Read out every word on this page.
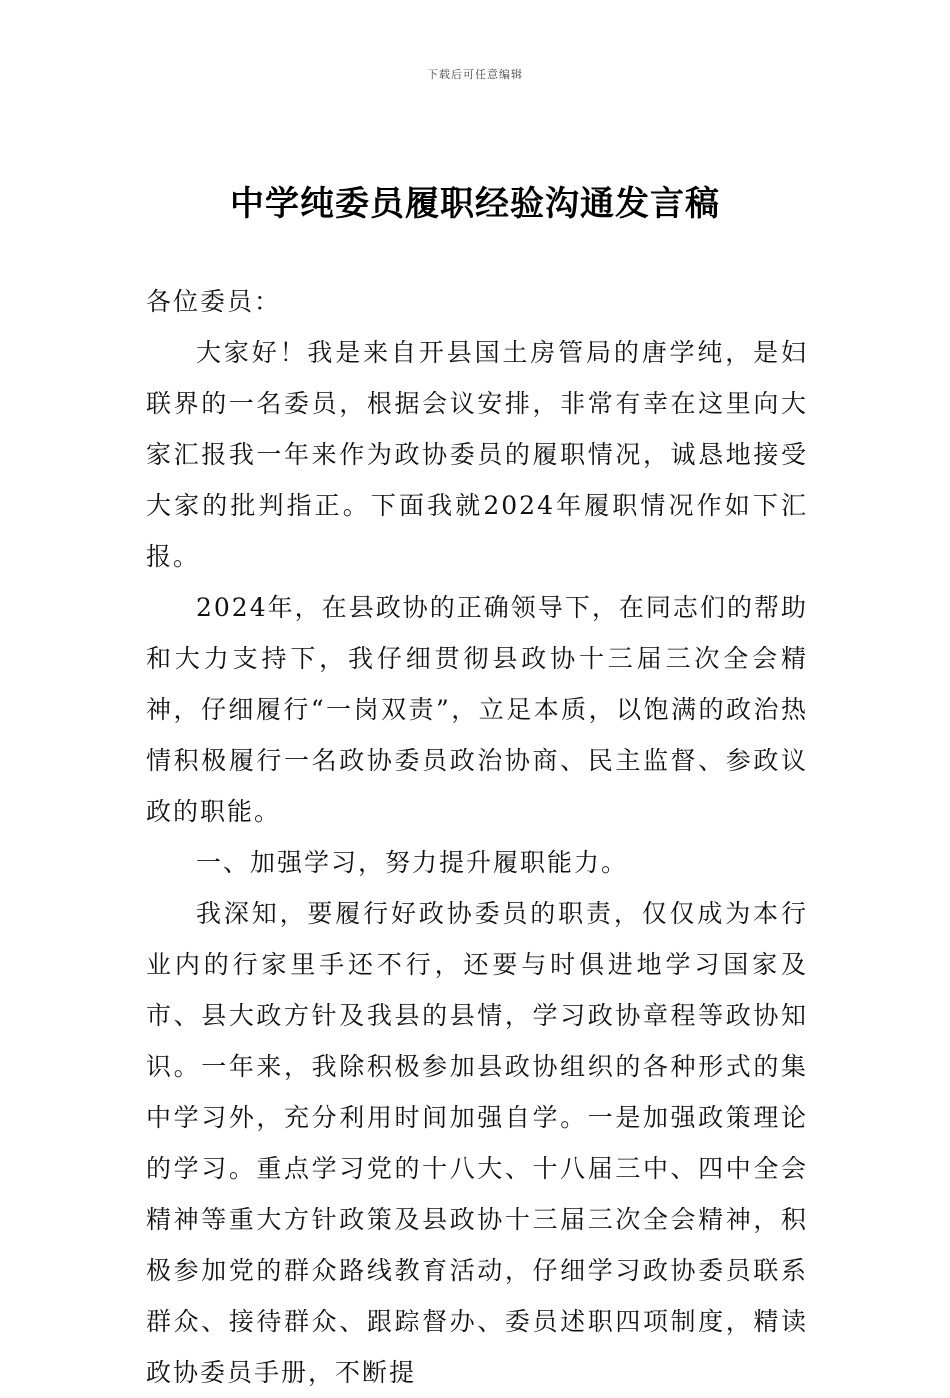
下载后可任意编辑
中学纯委员履职经验沟通发言稿

各位委员：

大家好！我是来自开县国土房管局的唐学纯，是妇联界的一名委员，根据会议安排，非常有幸在这里向大家汇报我一年来作为政协委员的履职情况，诚恳地接受大家的批判指正。下面我就2024年履职情况作如下汇报。

2024年，在县政协的正确领导下，在同志们的帮助和大力支持下，我仔细贯彻县政协十三届三次全会精神，仔细履行“一岗双责”，立足本质，以饱满的政治热情积极履行一名政协委员政治协商、民主监督、参政议政的职能。

一、加强学习，努力提升履职能力。

我深知，要履行好政协委员的职责，仅仅成为本行业内的行家里手还不行，还要与时俱进地学习国家及市、县大政方针及我县的县情，学习政协章程等政协知识。一年来，我除积极参加县政协组织的各种形式的集中学习外，充分利用时间加强自学。一是加强政策理论的学习。重点学习党的十八大、十八届三中、四中全会精神等重大方针政策及县政协十三届三次全会精神，积极参加党的群众路线教育活动，仔细学习政协委员联系群众、接待群众、跟踪督办、委员述职四项制度，精读政协委员手册，不断提
